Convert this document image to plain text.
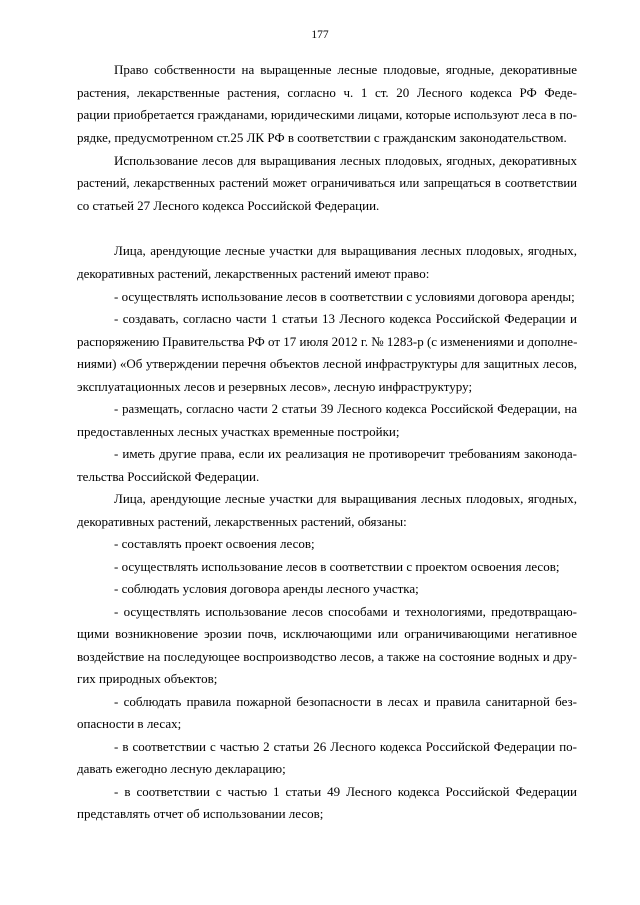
177
Право собственности на выращенные лесные плодовые, ягодные, декоративные
растения, лекарственные растения, согласно ч. 1 ст. 20 Лесного кодекса РФ Феде-
рации приобретается гражданами, юридическими лицами, которые используют леса в по-
рядке, предусмотренном ст.25 ЛК РФ в соответствии с гражданским законодательством.
Использование лесов для выращивания лесных плодовых, ягодных, декоративных
растений, лекарственных растений может ограничиваться или запрещаться в соответствии
со статьей 27 Лесного кодекса Российской Федерации.
Лица, арендующие лесные участки для выращивания лесных плодовых, ягодных,
декоративных растений, лекарственных растений имеют право:
- осуществлять использование лесов в соответствии с условиями договора аренды;
- создавать, согласно части 1 статьи 13 Лесного кодекса Российской Федерации и
распоряжению Правительства РФ от 17 июля 2012 г. № 1283-р (с изменениями и дополне-
ниями) «Об утверждении перечня объектов лесной инфраструктуры для защитных лесов,
эксплуатационных лесов и резервных лесов», лесную инфраструктуру;
- размещать, согласно части 2 статьи 39 Лесного кодекса Российской Федерации, на
предоставленных лесных участках временные постройки;
- иметь другие права, если их реализация не противоречит требованиям законода-
тельства Российской Федерации.
Лица, арендующие лесные участки для выращивания лесных плодовых, ягодных,
декоративных растений, лекарственных растений, обязаны:
- составлять проект освоения лесов;
- осуществлять использование лесов в соответствии с проектом освоения лесов;
- соблюдать условия договора аренды лесного участка;
- осуществлять использование лесов способами и технологиями, предотвращаю-
щими возникновение эрозии почв, исключающими или ограничивающими негативное
воздействие на последующее воспроизводство лесов, а также на состояние водных и дру-
гих природных объектов;
- соблюдать правила пожарной безопасности в лесах и правила санитарной без-
опасности в лесах;
- в соответствии с частью 2 статьи 26 Лесного кодекса Российской Федерации по-
давать ежегодно лесную декларацию;
- в соответствии с частью 1 статьи 49 Лесного кодекса Российской Федерации
представлять отчет об использовании лесов;
